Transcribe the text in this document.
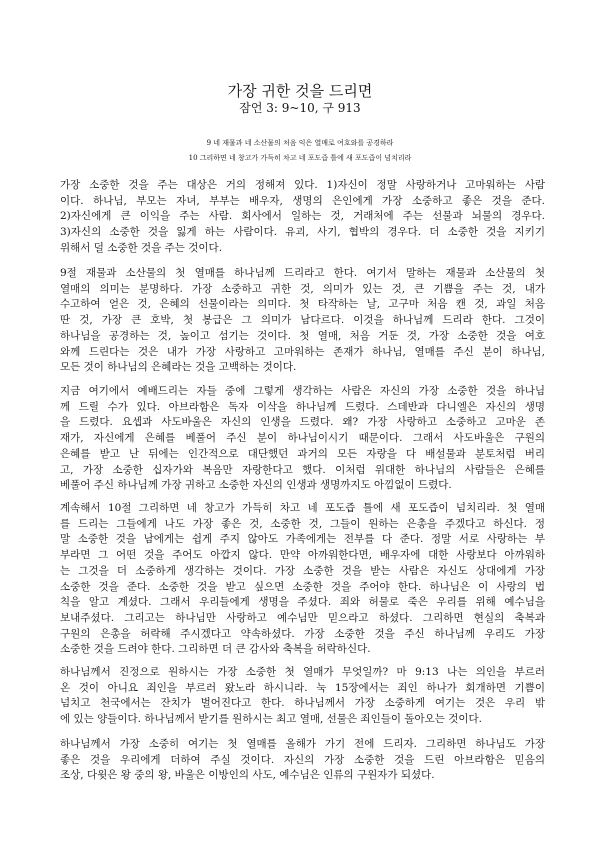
가장 귀한 것을 드리면
잠언 3: 9~10, 구 913
9 네 재물과 네 소산물의 처음 익은 열매로 여호와를 공경하라
10 그리하면 네 창고가 가득히 차고 네 포도즙 틀에 새 포도즙이 넘치리라
가장 소중한 것을 주는 대상은 거의 정해져 있다. 1)자신이 정말 사랑하거나 고마워하는 사람
이다. 하나님, 부모는 자녀, 부부는 배우자, 생명의 은인에게 가장 소중하고 좋은 것을 준다.
2)자신에게 큰 이익을 주는 사람. 회사에서 일하는 것, 거래처에 주는 선물과 뇌물의 경우다.
3)자신의 소중한 것을 잃게 하는 사람이다. 유괴, 사기, 협박의 경우다. 더 소중한 것을 지키기
위해서 덜 소중한 것을 주는 것이다.
9절 재물과 소산물의 첫 열매를 하나님께 드리라고 한다. 여기서 말하는 재물과 소산물의 첫
열매의 의미는 분명하다. 가장 소중하고 귀한 것, 의미가 있는 것, 큰 기쁨을 주는 것, 내가
수고하여 얻은 것, 은혜의 선물이라는 의미다. 첫 타작하는 날, 고구마 처음 캔 것, 과일 처음
딴 것, 가장 큰 호박, 첫 봉급은 그 의미가 남다르다. 이것을 하나님께 드리라 한다. 그것이
하나님을 공경하는 것, 높이고 섬기는 것이다. 첫 열매, 처음 거둔 것, 가장 소중한 것을 여호
와께 드린다는 것은 내가 가장 사랑하고 고마워하는 존재가 하나님, 열매를 주신 분이 하나님,
모든 것이 하나님의 은혜라는 것을 고백하는 것이다.
지금 여기에서 예배드리는 자들 중에 그렇게 생각하는 사람은 자신의 가장 소중한 것을 하나님
께 드릴 수가 있다. 아브라함은 독자 이삭을 하나님께 드렸다. 스데반과 다니엘은 자신의 생명
을 드렸다. 요셉과 사도바울은 자신의 인생을 드렸다. 왜? 가장 사랑하고 소중하고 고마운 존
재가, 자신에게 은혜를 베풀어 주신 분이 하나님이시기 때문이다. 그래서 사도바울은 구원의
은혜를 받고 난 뒤에는 인간적으로 대단했던 과거의 모든 자랑을 다 배설물과 분토처럼 버리
고, 가장 소중한 십자가와 복음만 자랑한다고 했다. 이처럼 위대한 하나님의 사람들은 은혜를
베풀어 주신 하나님께 가장 귀하고 소중한 자신의 인생과 생명까지도 아낌없이 드렸다.
계속해서 10절 그리하면 네 창고가 가득히 차고 네 포도즙 틀에 새 포도즙이 넘치리라. 첫 열매
를 드리는 그들에게 나도 가장 좋은 것, 소중한 것, 그들이 원하는 은총을 주겠다고 하신다. 정
말 소중한 것을 남에게는 쉽게 주지 않아도 가족에게는 전부를 다 준다. 정말 서로 사랑하는 부
부라면 그 어떤 것을 주어도 아깝지 않다. 만약 아까워한다면, 배우자에 대한 사랑보다 아까워하
는 그것을 더 소중하게 생각하는 것이다. 가장 소중한 것을 받는 사람은 자신도 상대에게 가장
소중한 것을 준다. 소중한 것을 받고 싶으면 소중한 것을 주어야 한다. 하나님은 이 사랑의 법
칙을 알고 계셨다. 그래서 우리들에게 생명을 주셨다. 죄와 허물로 죽은 우리를 위해 예수님을
보내주셨다. 그리고는 하나님만 사랑하고 예수님만 믿으라고 하셨다. 그리하면 현실의 축복과
구원의 은총을 허락해 주시겠다고 약속하셨다. 가장 소중한 것을 주신 하나님께 우리도 가장
소중한 것을 드려야 한다. 그리하면 더 큰 감사와 축복을 허락하신다.
하나님께서 진정으로 원하시는 가장 소중한 첫 열매가 무엇일까? 마 9:13 나는 의인을 부르러
온 것이 아니요 죄인을 부르러 왔노라 하시니라. 눅 15장에서는 죄인 하나가 회개하면 기쁨이
넘치고 천국에서는 잔치가 벌어진다고 한다. 하나님께서 가장 소중하게 여기는 것은 우리 밖
에 있는 양들이다. 하나님께서 받기를 원하시는 최고 열매, 선물은 죄인들이 돌아오는 것이다.
하나님께서 가장 소중히 여기는 첫 열매를 올해가 가기 전에 드리자. 그리하면 하나님도 가장
좋은 것을 우리에게 더하여 주실 것이다. 자신의 가장 소중한 것을 드린 아브라함은 믿음의
조상, 다윗은 왕 중의 왕, 바울은 이방인의 사도, 예수님은 인류의 구원자가 되셨다.
